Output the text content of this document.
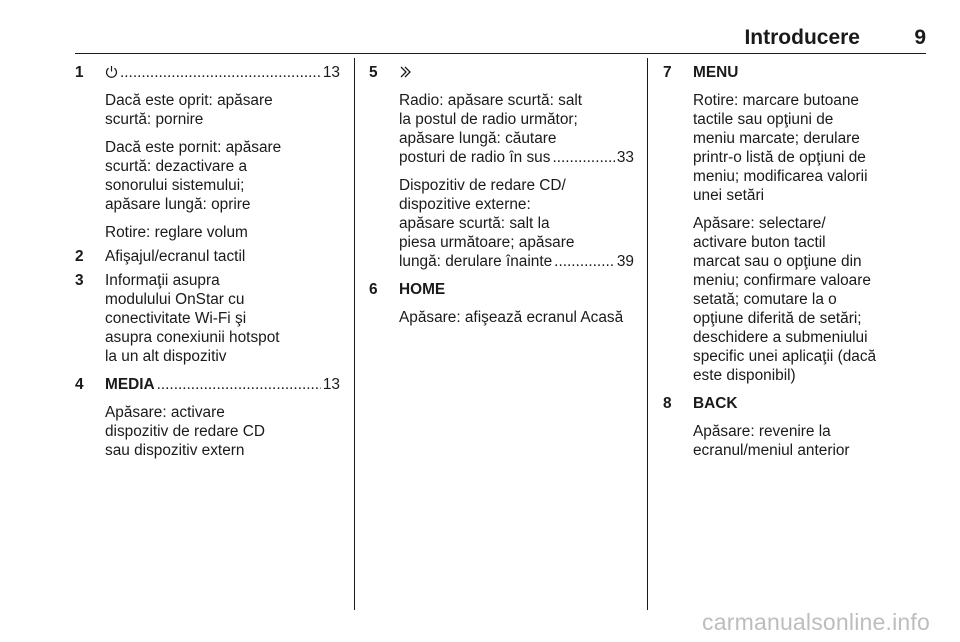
Introducere	9
1 .....	13
Dacă este oprit: apăsare
scurtă: pornire
Dacă este pornit: apăsare
scurtă: dezactivare a
sonorului sistemului;
apăsare lungă: oprire
Rotire: reglare volum
2 Afişajul/ecranul tactil
3 Informaţii asupra
modulului OnStar cu
conectivitate Wi-Fi şi
asupra conexiunii hotspot
la un alt dispozitiv
4 MEDIA .....	13
Apăsare: activare
dispozitiv de redare CD
sau dispozitiv extern
5
Radio: apăsare scurtă: salt
la postul de radio următor;
apăsare lungă: căutare
posturi de radio în sus .....	33
Dispozitiv de redare CD/
dispozitive externe:
apăsare scurtă: salt la
piesa următoare; apăsare
lungă: derulare înainte .....	39
6 HOME
Apăsare: afişează ecranul Acasă
7 MENU
Rotire: marcare butoane
tactile sau opţiuni de
meniu marcate; derulare
printr-o listă de opţiuni de
meniu; modificarea valorii
unei setări
Apăsare: selectare/
activare buton tactil
marcat sau o opţiune din
meniu; confirmare valoare
setată; comutare la o
opţiune diferită de setări;
deschidere a submeniului
specific unei aplicaţii (dacă
este disponibil)
8 BACK
Apăsare: revenire la
ecranul/meniul anterior
carmanualsonline.info
